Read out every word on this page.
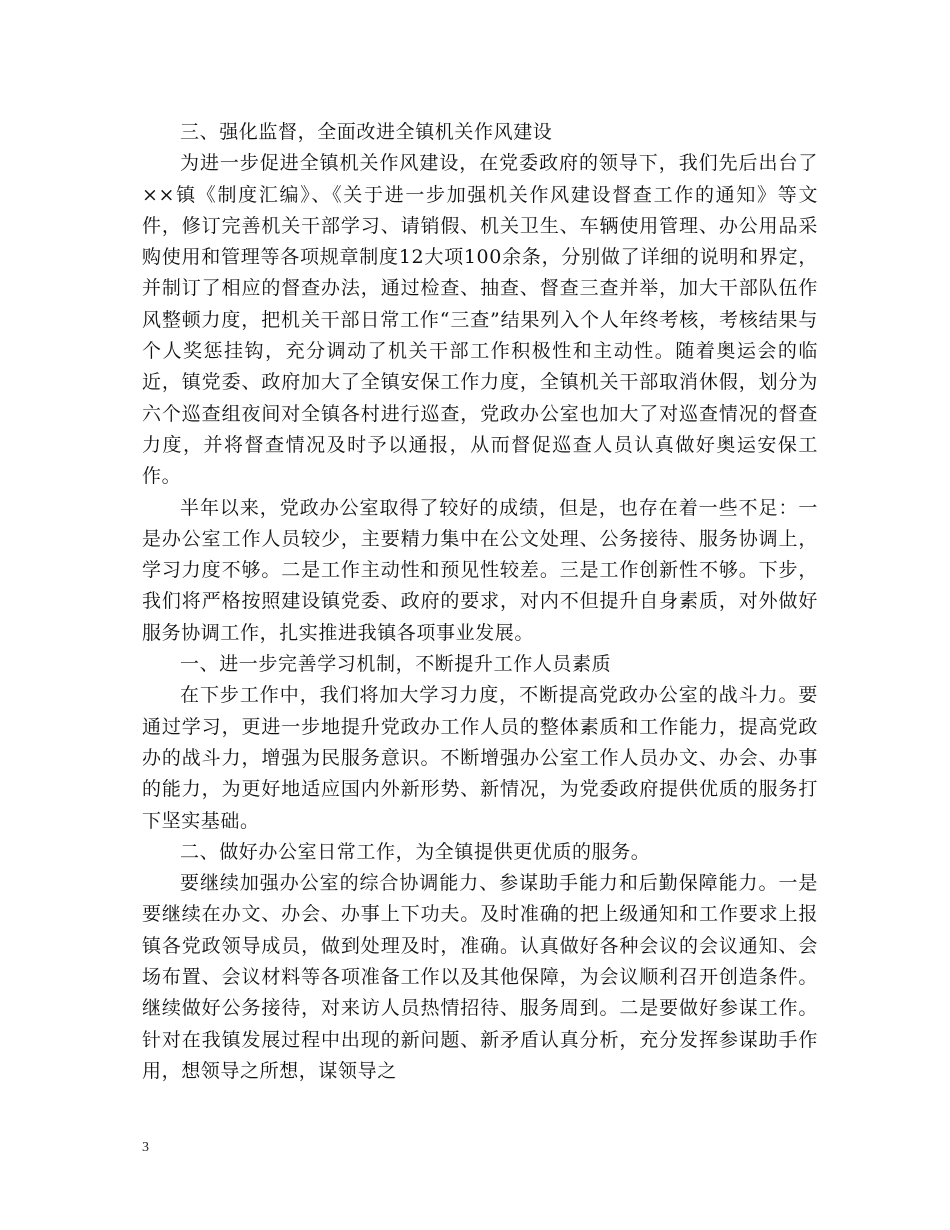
三、强化监督，全面改进全镇机关作风建设

为进一步促进全镇机关作风建设，在党委政府的领导下，我们先后出台了××镇《制度汇编》、《关于进一步加强机关作风建设督查工作的通知》等文件，修订完善机关干部学习、请销假、机关卫生、车辆使用管理、办公用品采购使用和管理等各项规章制度12大项100余条，分别做了详细的说明和界定，并制订了相应的督查办法，通过检查、抽查、督查三查并举，加大干部队伍作风整顿力度，把机关干部日常工作“三查”结果列入个人年终考核，考核结果与个人奖惩挂钩，充分调动了机关干部工作积极性和主动性。随着奥运会的临近，镇党委、政府加大了全镇安保工作力度，全镇机关干部取消休假，划分为六个巡查组夜间对全镇各村进行巡查，党政办公室也加大了对巡查情况的督查力度，并将督查情况及时予以通报，从而督促巡查人员认真做好奥运安保工作。

半年以来，党政办公室取得了较好的成绩，但是，也存在着一些不足：一是办公室工作人员较少，主要精力集中在公文处理、公务接待、服务协调上，学习力度不够。二是工作主动性和预见性较差。三是工作创新性不够。下步，我们将严格按照建设镇党委、政府的要求，对内不但提升自身素质，对外做好服务协调工作，扎实推进我镇各项事业发展。

一、进一步完善学习机制，不断提升工作人员素质

在下步工作中，我们将加大学习力度，不断提高党政办公室的战斗力。要通过学习，更进一步地提升党政办工作人员的整体素质和工作能力，提高党政办的战斗力，增强为民服务意识。不断增强办公室工作人员办文、办会、办事的能力，为更好地适应国内外新形势、新情况，为党委政府提供优质的服务打下坚实基础。

二、做好办公室日常工作，为全镇提供更优质的服务。

要继续加强办公室的综合协调能力、参谋助手能力和后勤保障能力。一是要继续在办文、办会、办事上下功夫。及时准确的把上级通知和工作要求上报镇各党政领导成员，做到处理及时，准确。认真做好各种会议的会议通知、会场布置、会议材料等各项准备工作以及其他保障，为会议顺利召开创造条件。继续做好公务接待，对来访人员热情招待、服务周到。二是要做好参谋工作。针对在我镇发展过程中出现的新问题、新矛盾认真分析，充分发挥参谋助手作用，想领导之所想，谋领导之

3
